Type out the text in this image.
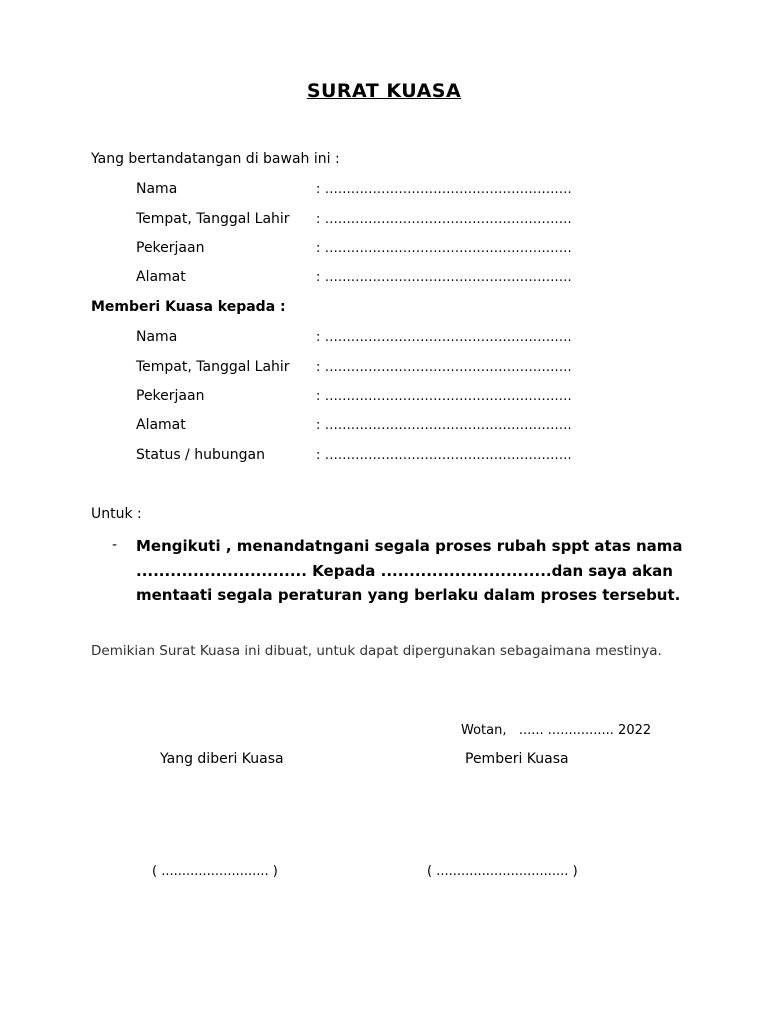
SURAT KUASA
Yang bertandatangan di bawah ini :
Nama	: .........................................................
Tempat, Tanggal Lahir : .........................................................
Pekerjaan	: .........................................................
Alamat	: .........................................................
Memberi Kuasa kepada :
Nama	: .........................................................
Tempat, Tanggal Lahir : .........................................................
Pekerjaan	: .........................................................
Alamat	: .........................................................
Status / hubungan	: .........................................................
Untuk :
- Mengikuti , menandatngani segala proses rubah sppt atas nama .............................. Kepada ..............................dan saya akan mentaati segala peraturan yang berlaku dalam proses tersebut.
Demikian Surat Kuasa ini dibuat, untuk dapat dipergunakan sebagaimana mestinya.
Wotan,   ...... ................ 2022
Yang diberi Kuasa	Pemberi Kuasa
( .......................... )	( ................................ )
